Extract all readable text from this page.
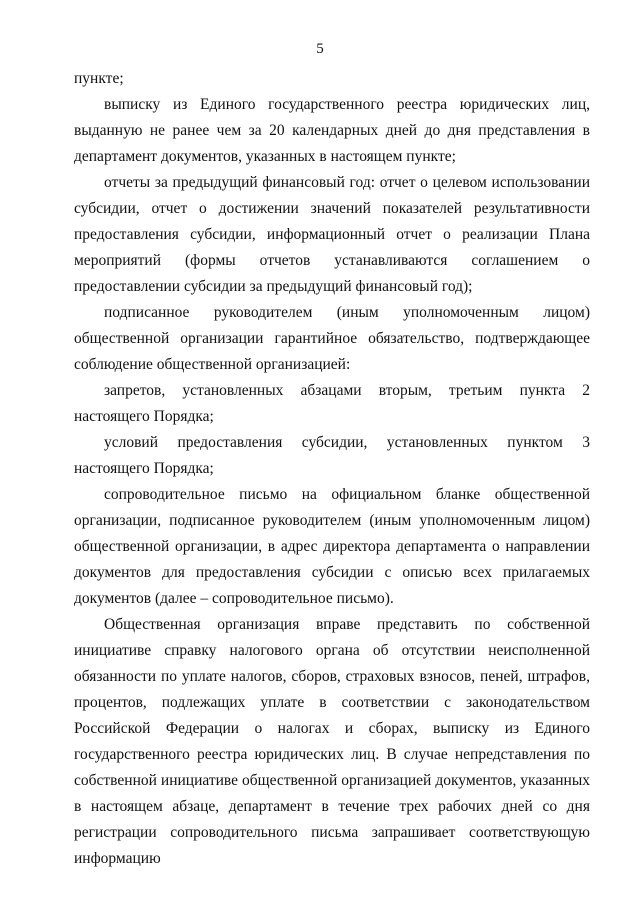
5

пункте;

выписку из Единого государственного реестра юридических лиц, выданную не ранее чем за 20 календарных дней до дня представления в департамент документов, указанных в настоящем пункте;

отчеты за предыдущий финансовый год: отчет о целевом использовании субсидии, отчет о достижении значений показателей результативности предоставления субсидии, информационный отчет о реализации Плана мероприятий (формы отчетов устанавливаются соглашением о предоставлении субсидии за предыдущий финансовый год);

подписанное руководителем (иным уполномоченным лицом) общественной организации гарантийное обязательство, подтверждающее соблюдение общественной организацией:

запретов, установленных абзацами вторым, третьим пункта 2 настоящего Порядка;

условий предоставления субсидии, установленных пунктом 3 настоящего Порядка;

сопроводительное письмо на официальном бланке общественной организации, подписанное руководителем (иным уполномоченным лицом) общественной организации, в адрес директора департамента о направлении документов для предоставления субсидии с описью всех прилагаемых документов (далее – сопроводительное письмо).

Общественная организация вправе представить по собственной инициативе справку налогового органа об отсутствии неисполненной обязанности по уплате налогов, сборов, страховых взносов, пеней, штрафов, процентов, подлежащих уплате в соответствии с законодательством Российской Федерации о налогах и сборах, выписку из Единого государственного реестра юридических лиц. В случае непредставления по собственной инициативе общественной организацией документов, указанных в настоящем абзаце, департамент в течение трех рабочих дней со дня регистрации сопроводительного письма запрашивает соответствующую информацию
